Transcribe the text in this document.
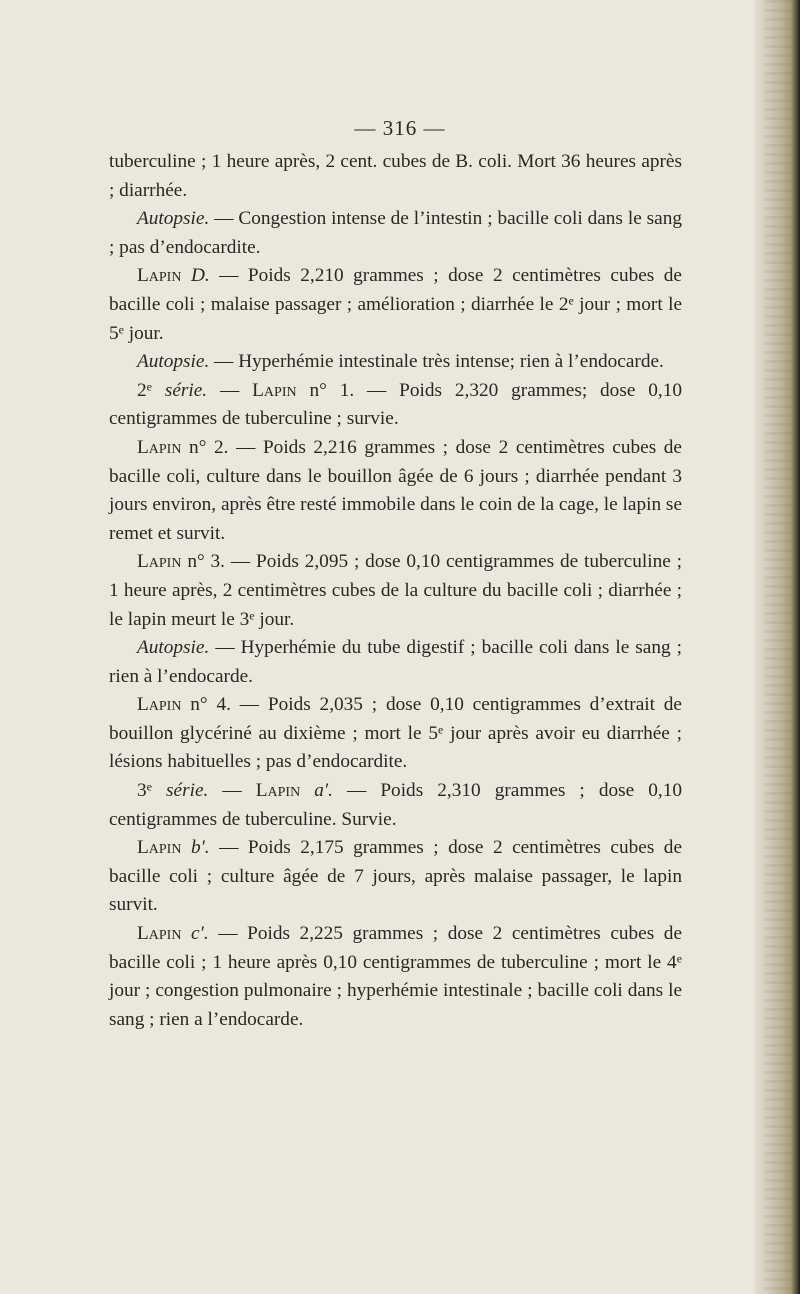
— 316 —

tuberculine ; 1 heure après, 2 cent. cubes de B. coli. Mort 36 heures après ; diarrhée.

Autopsie. — Congestion intense de l’intestin ; bacille coli dans le sang ; pas d’endocardite.

Lapin D. — Poids 2,210 grammes ; dose 2 centimètres cubes de bacille coli ; malaise passager ; amélioration ; diarrhée le 2e jour ; mort le 5e jour.

Autopsie. — Hyperhémie intestinale très intense; rien à l’endocarde.

2e série. — Lapin n° 1. — Poids 2,320 grammes; dose 0,10 centigrammes de tuberculine ; survie.

Lapin n° 2. — Poids 2,216 grammes ; dose 2 centimètres cubes de bacille coli, culture dans le bouillon âgée de 6 jours ; diarrhée pendant 3 jours environ, après être resté immobile dans le coin de la cage, le lapin se remet et survit.

Lapin n° 3. — Poids 2,095 ; dose 0,10 centigrammes de tuberculine ; 1 heure après, 2 centimètres cubes de la culture du bacille coli ; diarrhée ; le lapin meurt le 3e jour.

Autopsie. — Hyperhémie du tube digestif ; bacille coli dans le sang ; rien à l’endocarde.

Lapin n° 4. — Poids 2,035 ; dose 0,10 centigrammes d’extrait de bouillon glycériné au dixième ; mort le 5e jour après avoir eu diarrhée ; lésions habituelles ; pas d’endocardite.

3e série. — Lapin a′. — Poids 2,310 grammes ; dose 0,10 centigrammes de tuberculine. Survie.

Lapin b′. — Poids 2,175 grammes ; dose 2 centimètres cubes de bacille coli ; culture âgée de 7 jours, après malaise passager, le lapin survit.

Lapin c′. — Poids 2,225 grammes ; dose 2 centimètres cubes de bacille coli ; 1 heure après 0,10 centigrammes de tuberculine ; mort le 4e jour ; congestion pulmonaire ; hyperhémie intestinale ; bacille coli dans le sang ; rien a l’endocarde.
